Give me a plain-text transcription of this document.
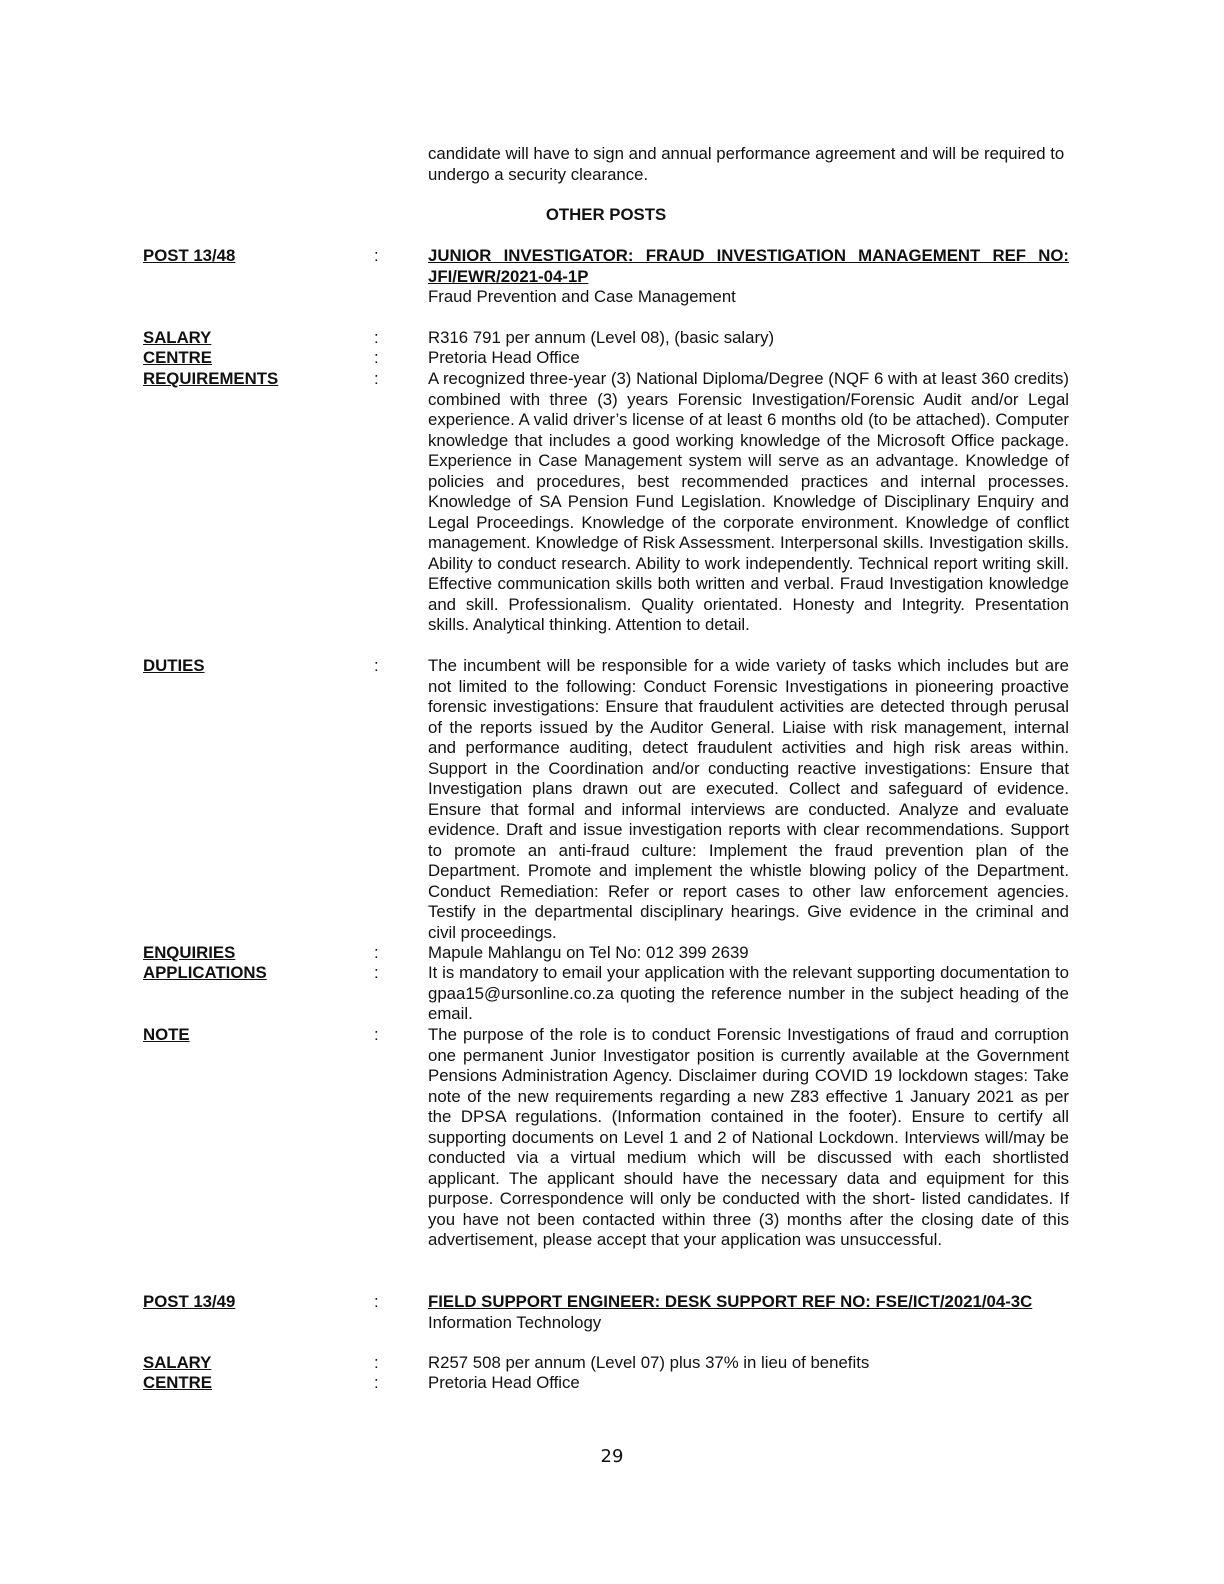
candidate will have to sign and annual performance agreement and will be required to undergo a security clearance.
OTHER POSTS
POST 13/48	:	JUNIOR INVESTIGATOR: FRAUD INVESTIGATION MANAGEMENT REF NO: JFI/EWR/2021-04-1P
Fraud Prevention and Case Management
SALARY	:	R316 791 per annum (Level 08), (basic salary)
CENTRE	:	Pretoria Head Office
REQUIREMENTS	:	A recognized three-year (3) National Diploma/Degree (NQF 6 with at least 360 credits) combined with three (3) years Forensic Investigation/Forensic Audit and/or Legal experience. A valid driver’s license of at least 6 months old (to be attached). Computer knowledge that includes a good working knowledge of the Microsoft Office package. Experience in Case Management system will serve as an advantage. Knowledge of policies and procedures, best recommended practices and internal processes. Knowledge of SA Pension Fund Legislation. Knowledge of Disciplinary Enquiry and Legal Proceedings. Knowledge of the corporate environment. Knowledge of conflict management. Knowledge of Risk Assessment. Interpersonal skills. Investigation skills. Ability to conduct research. Ability to work independently. Technical report writing skill. Effective communication skills both written and verbal. Fraud Investigation knowledge and skill. Professionalism. Quality orientated. Honesty and Integrity. Presentation skills. Analytical thinking. Attention to detail.
DUTIES	:	The incumbent will be responsible for a wide variety of tasks which includes but are not limited to the following: Conduct Forensic Investigations in pioneering proactive forensic investigations: Ensure that fraudulent activities are detected through perusal of the reports issued by the Auditor General. Liaise with risk management, internal and performance auditing, detect fraudulent activities and high risk areas within. Support in the Coordination and/or conducting reactive investigations: Ensure that Investigation plans drawn out are executed. Collect and safeguard of evidence. Ensure that formal and informal interviews are conducted. Analyze and evaluate evidence. Draft and issue investigation reports with clear recommendations. Support to promote an anti-fraud culture: Implement the fraud prevention plan of the Department. Promote and implement the whistle blowing policy of the Department. Conduct Remediation: Refer or report cases to other law enforcement agencies. Testify in the departmental disciplinary hearings. Give evidence in the criminal and civil proceedings.
ENQUIRIES	:	Mapule Mahlangu on Tel No: 012 399 2639
APPLICATIONS	:	It is mandatory to email your application with the relevant supporting documentation to gpaa15@ursonline.co.za quoting the reference number in the subject heading of the email.
NOTE	:	The purpose of the role is to conduct Forensic Investigations of fraud and corruption one permanent Junior Investigator position is currently available at the Government Pensions Administration Agency. Disclaimer during COVID 19 lockdown stages: Take note of the new requirements regarding a new Z83 effective 1 January 2021 as per the DPSA regulations. (Information contained in the footer). Ensure to certify all supporting documents on Level 1 and 2 of National Lockdown. Interviews will/may be conducted via a virtual medium which will be discussed with each shortlisted applicant. The applicant should have the necessary data and equipment for this purpose. Correspondence will only be conducted with the short- listed candidates. If you have not been contacted within three (3) months after the closing date of this advertisement, please accept that your application was unsuccessful.
POST 13/49	:	FIELD SUPPORT ENGINEER: DESK SUPPORT REF NO: FSE/ICT/2021/04-3C
Information Technology
SALARY	:	R257 508 per annum (Level 07) plus 37% in lieu of benefits
CENTRE	:	Pretoria Head Office
29
